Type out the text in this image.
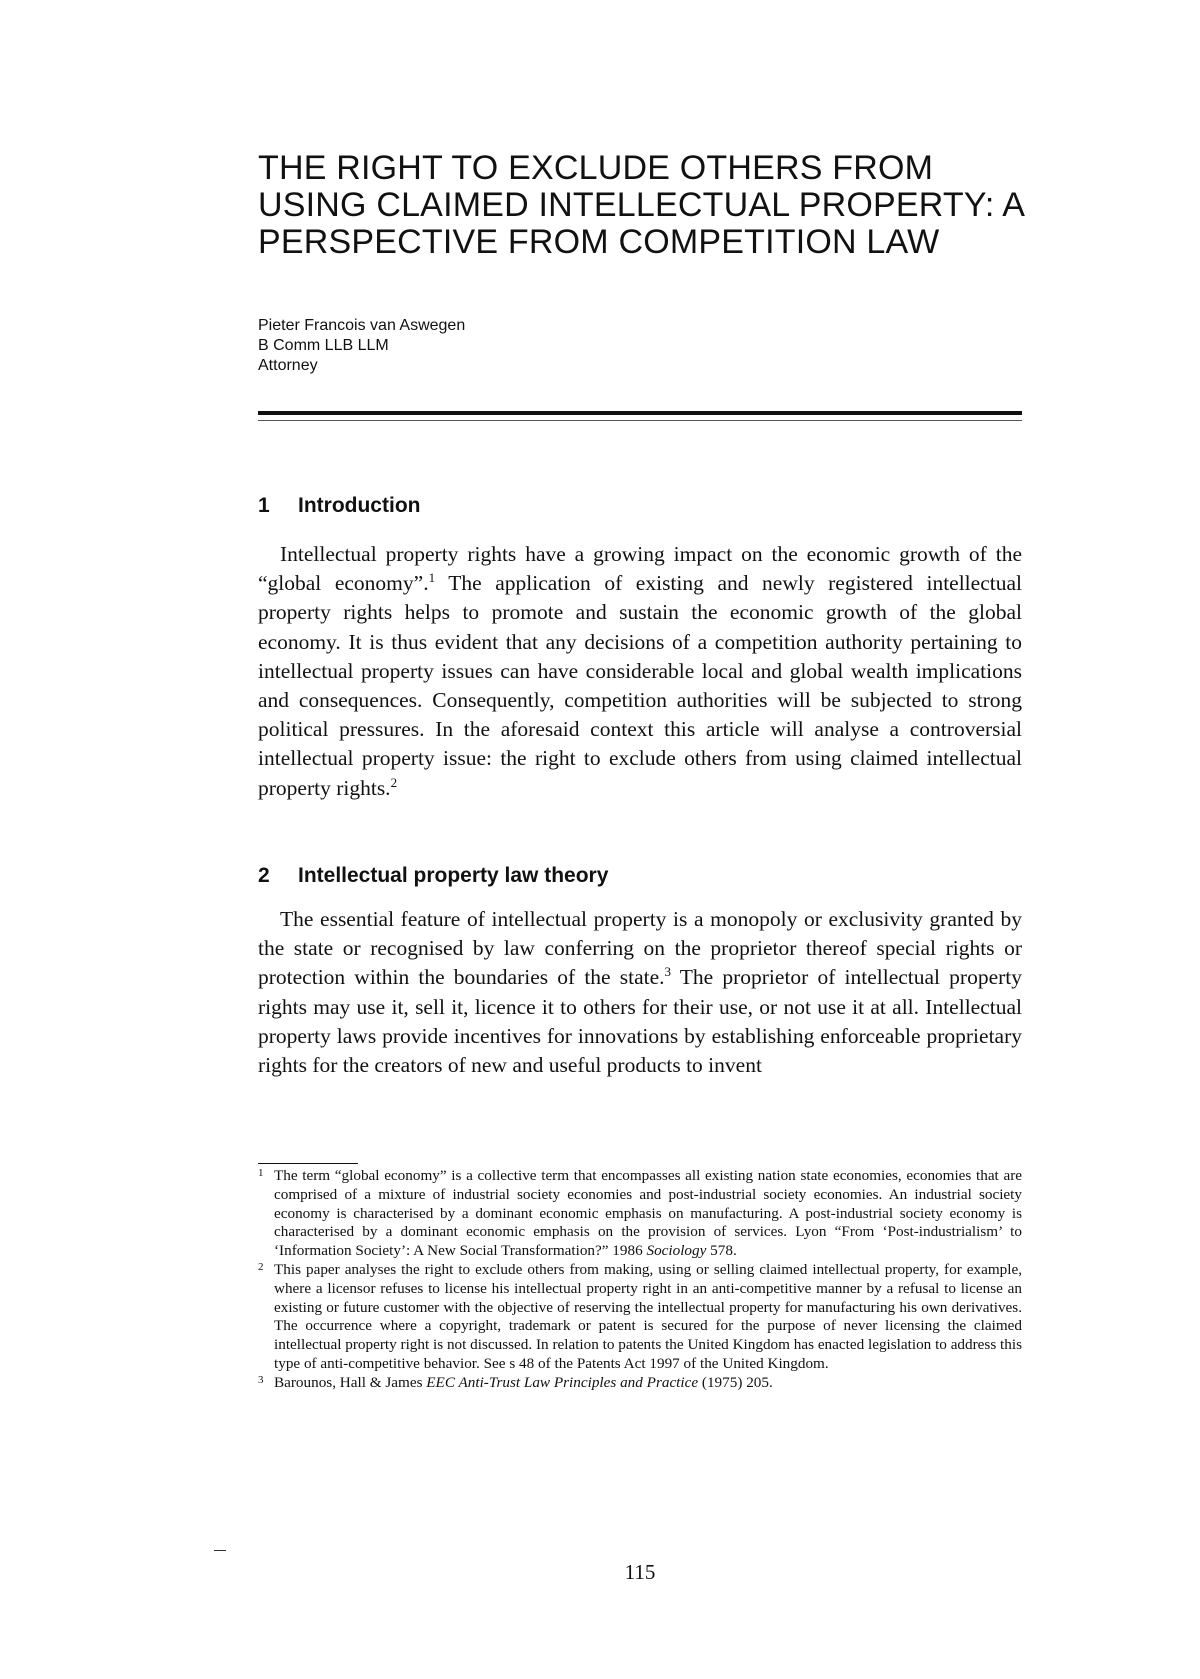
THE RIGHT TO EXCLUDE OTHERS FROM
USING CLAIMED INTELLECTUAL PROPERTY: A
PERSPECTIVE FROM COMPETITION LAW
Pieter Francois van Aswegen
B Comm LLB LLM
Attorney
1 Introduction

Intellectual property rights have a growing impact on the economic growth of the “global economy”.$^1$ The application of existing and newly registered intellectual property rights helps to promote and sustain the economic growth of the global economy. It is thus evident that any decisions of a competition authority pertaining to intellectual property issues can have considerable local and global wealth implications and consequences. Consequently, competition authorities will be subjected to strong political pressures. In the aforesaid context this article will analyse a controversial intellectual property issue: the right to exclude others from using claimed intellectual property rights.$^2$

2 Intellectual property law theory

The essential feature of intellectual property is a monopoly or exclusivity granted by the state or recognised by law conferring on the proprietor thereof special rights or protection within the boundaries of the state.$^3$ The proprietor of intellectual property rights may use it, sell it, licence it to others for their use, or not use it at all. Intellectual property laws provide incentives for innovations by establishing enforceable proprietary rights for the creators of new and useful products to invent

1 The term “global economy” is a collective term that encompasses all existing nation state economies, economies that are comprised of a mixture of industrial society economies and post-industrial society economies. An industrial society economy is characterised by a dominant economic emphasis on manufacturing. A post-industrial society economy is characterised by a dominant economic emphasis on the provision of services. Lyon “From ‘Post-industrialism’ to ‘Information Society’: A New Social Transformation?” 1986 Sociology 578.

2 This paper analyses the right to exclude others from making, using or selling claimed intellectual property, for example, where a licensor refuses to license his intellectual property right in an anti-competitive manner by a refusal to license an existing or future customer with the objective of reserving the intellectual property for manufacturing his own derivatives. The occurrence where a copyright, trademark or patent is secured for the purpose of never licensing the claimed intellectual property right is not discussed. In relation to patents the United Kingdom has enacted legislation to address this type of anti-competitive behavior. See s 48 of the Patents Act 1997 of the United Kingdom.

3 Barounos, Hall & James EEC Anti-Trust Law Principles and Practice (1975) 205.

115
